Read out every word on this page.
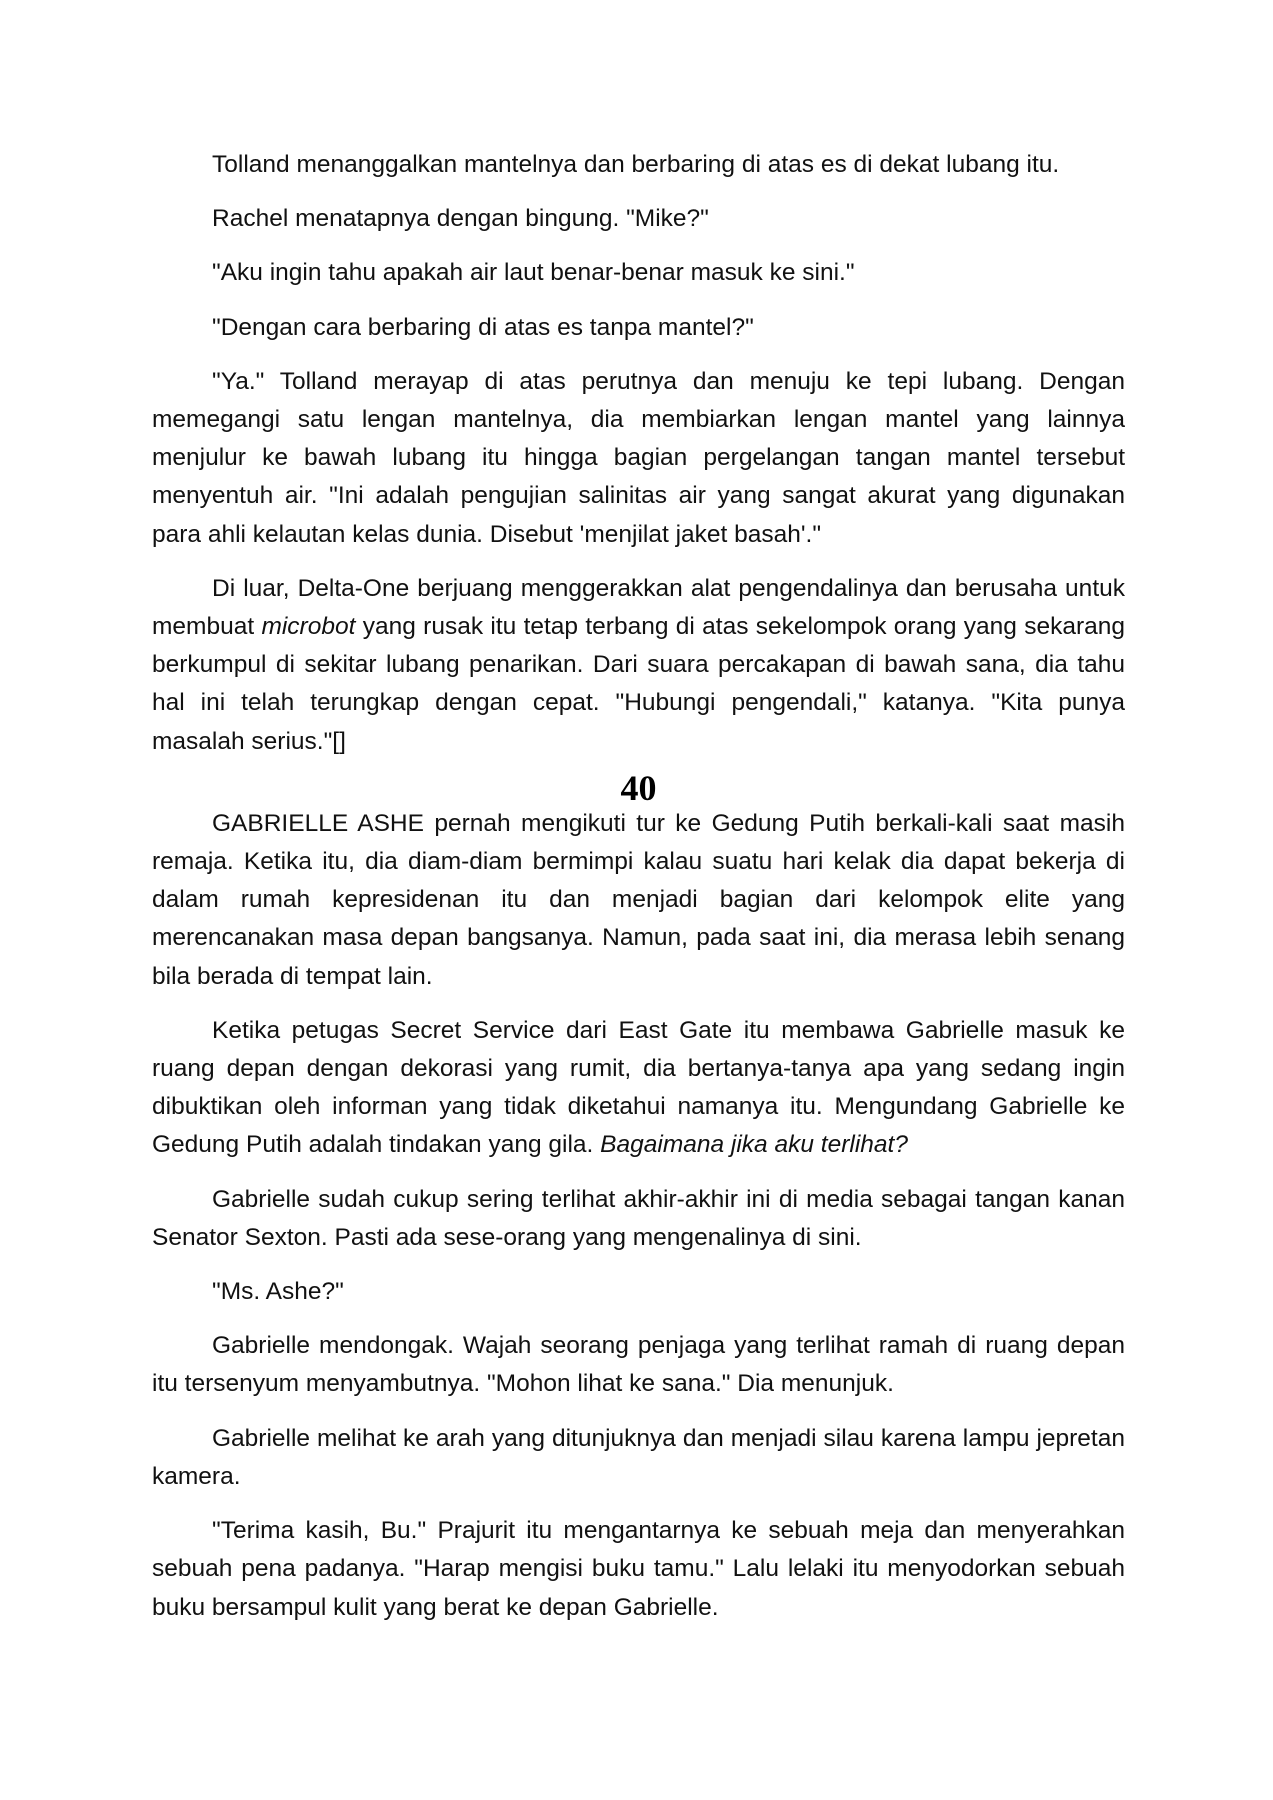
Tolland menanggalkan mantelnya dan berbaring di atas es di dekat lubang itu.

Rachel menatapnya dengan bingung. "Mike?"

"Aku ingin tahu apakah air laut benar-benar masuk ke sini."

"Dengan cara berbaring di atas es tanpa mantel?"

"Ya." Tolland merayap di atas perutnya dan menuju ke tepi lubang. Dengan memegangi satu lengan mantelnya, dia membiarkan lengan mantel yang lainnya menjulur ke bawah lubang itu hingga bagian pergelangan tangan mantel tersebut menyentuh air. "Ini adalah pengujian salinitas air yang sangat akurat yang digunakan para ahli kelautan kelas dunia. Disebut 'menjilat jaket basah'."

Di luar, Delta-One berjuang menggerakkan alat pengendalinya dan berusaha untuk membuat microbot yang rusak itu tetap terbang di atas sekelompok orang yang sekarang berkumpul di sekitar lubang penarikan. Dari suara percakapan di bawah sana, dia tahu hal ini telah terungkap dengan cepat. "Hubungi pengendali," katanya. "Kita punya masalah serius."[]

40

GABRIELLE ASHE pernah mengikuti tur ke Gedung Putih berkali-kali saat masih remaja. Ketika itu, dia diam-diam bermimpi kalau suatu hari kelak dia dapat bekerja di dalam rumah kepresidenan itu dan menjadi bagian dari kelompok elite yang merencanakan masa depan bangsanya. Namun, pada saat ini, dia merasa lebih senang bila berada di tempat lain.

Ketika petugas Secret Service dari East Gate itu membawa Gabrielle masuk ke ruang depan dengan dekorasi yang rumit, dia bertanya-tanya apa yang sedang ingin dibuktikan oleh informan yang tidak diketahui namanya itu. Mengundang Gabrielle ke Gedung Putih adalah tindakan yang gila. Bagaimana jika aku terlihat?

Gabrielle sudah cukup sering terlihat akhir-akhir ini di media sebagai tangan kanan Senator Sexton. Pasti ada sese-orang yang mengenalinya di sini.

"Ms. Ashe?"

Gabrielle mendongak. Wajah seorang penjaga yang terlihat ramah di ruang depan itu tersenyum menyambutnya. "Mohon lihat ke sana." Dia menunjuk.

Gabrielle melihat ke arah yang ditunjuknya dan menjadi silau karena lampu jepretan kamera.

"Terima kasih, Bu." Prajurit itu mengantarnya ke sebuah meja dan menyerahkan sebuah pena padanya. "Harap mengisi buku tamu." Lalu lelaki itu menyodorkan sebuah buku bersampul kulit yang berat ke depan Gabrielle.
